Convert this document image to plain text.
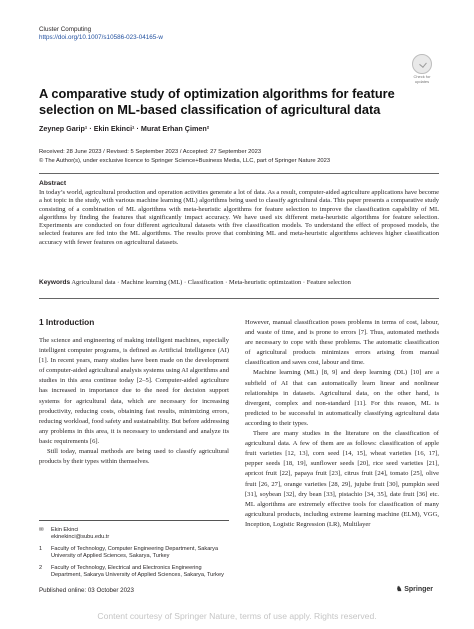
Cluster Computing
https://doi.org/10.1007/s10586-023-04165-w
Check for updates
A comparative study of optimization algorithms for feature selection on ML-based classification of agricultural data
Zeynep Garip¹ · Ekin Ekinci¹ · Murat Erhan Çimen²
Received: 28 June 2023 / Revised: 5 September 2023 / Accepted: 27 September 2023
© The Author(s), under exclusive licence to Springer Science+Business Media, LLC, part of Springer Nature 2023
Abstract
In today’s world, agricultural production and operation activities generate a lot of data. As a result, computer-aided agriculture applications have become a hot topic in the study, with various machine learning (ML) algorithms being used to classify agricultural data. This paper presents a comparative study consisting of a combination of ML algorithms with meta-heuristic algorithms for feature selection to improve the classification capability of ML algorithms by finding the features that significantly impact accuracy. We have used six different meta-heuristic algorithms for feature selection. Experiments are conducted on four different agricultural datasets with five classification models. To understand the effect of proposed models, the selected features are fed into the ML algorithms. The results prove that combining ML and meta-heuristic algorithms achieves higher classification accuracy with fewer features on agricultural datasets.
Keywords Agricultural data · Machine learning (ML) · Classification · Meta-heuristic optimization · Feature selection
1 Introduction

The science and engineering of making intelligent machines, especially intelligent computer programs, is defined as Artificial Intelligence (AI) [1]. In recent years, many studies have been made on the development of computer-aided agricultural analysis systems using AI algorithms and studies in this area continue today [2–5]. Computer-aided agriculture has increased in importance due to the need for decision support systems for agricultural data, which are necessary for increasing productivity, reducing costs, obtaining fast results, minimizing errors, reducing workload, food safety and sustainability. But before addressing any problems in this area, it is necessary to understand and analyze its basic requirements [6].

Still today, manual methods are being used to classify agricultural products by their types within themselves.

However, manual classification poses problems in terms of cost, labour, and waste of time, and is prone to errors [7]. Thus, automated methods are necessary to cope with these problems. The automatic classification of agricultural products minimizes errors arising from manual classification and saves cost, labour and time.

Machine learning (ML) [8, 9] and deep learning (DL) [10] are a subfield of AI that can automatically learn linear and nonlinear relationships in datasets. Agricultural data, on the other hand, is divergent, complex and non-standard [11]. For this reason, ML is predicted to be successful in automatically classifying agricultural data according to their types.

There are many studies in the literature on the classification of agricultural data. A few of them are as follows: classification of apple fruit varieties [12, 13], corn seed [14, 15], wheat varieties [16, 17], pepper seeds [18, 19], sunflower seeds [20], rice seed varieties [21], apricot fruit [22], papaya fruit [23], citrus fruit [24], tomato [25], olive fruit [26, 27], orange varieties [28, 29], jujube fruit [30], pumpkin seed [31], soybean [32], dry bean [33], pistachio [34, 35], date fruit [36] etc. ML algorithms are extremely effective tools for classification of many agricultural products, including extreme learning machine (ELM), VGG, Inception, Logistic Regression (LR), Multilayer

✉ Ekin Ekinci
ekinekinci@subu.edu.tr
1 Faculty of Technology, Computer Engineering Department, Sakarya University of Applied Sciences, Sakarya, Turkey
2 Faculty of Technology, Electrical and Electronics Engineering Department, Sakarya University of Applied Sciences, Sakarya, Turkey
Published online: 03 October 2023	♞ Springer
Content courtesy of Springer Nature, terms of use apply. Rights reserved.
